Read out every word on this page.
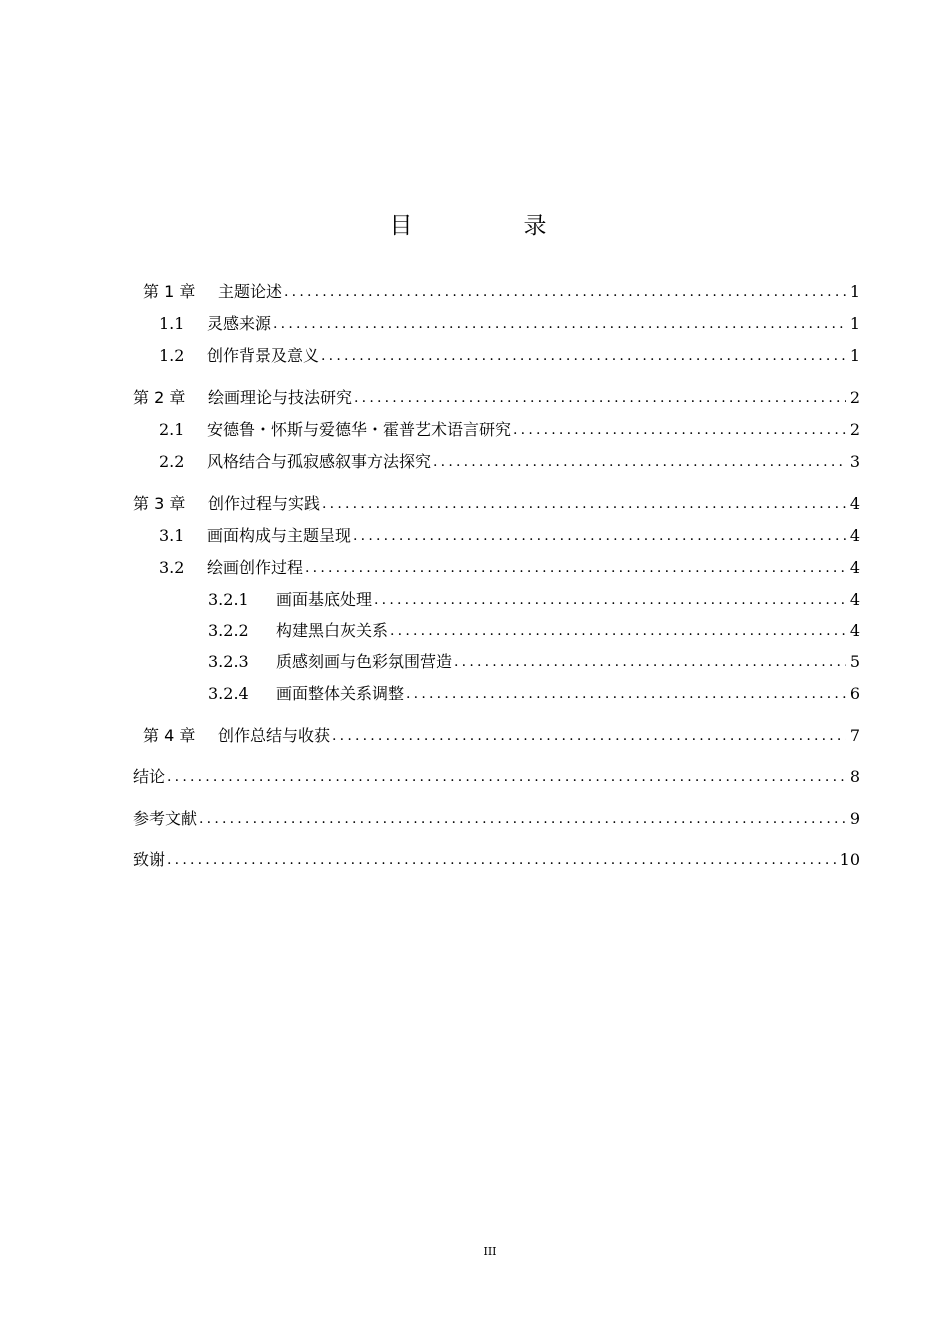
目　录
第 1 章	主题论述 .....	1
1.1	灵感来源 .....	1
1.2	创作背景及意义 .....	1
第 2 章	绘画理论与技法研究 .....	2
2.1	安德鲁・怀斯与爱德华・霍普艺术语言研究 .....	2
2.2	风格结合与孤寂感叙事方法探究 .....	3
第 3 章	创作过程与实践 .....	4
3.1	画面构成与主题呈现 .....	4
3.2	绘画创作过程 .....	4
3.2.1	画面基底处理 .....	4
3.2.2	构建黑白灰关系 .....	4
3.2.3	质感刻画与色彩氛围营造 .....	5
3.2.4	画面整体关系调整 .....	6
第 4 章	创作总结与收获 .....	7
结论 .....	8
参考文献 .....	9
致谢 .....	10
III
